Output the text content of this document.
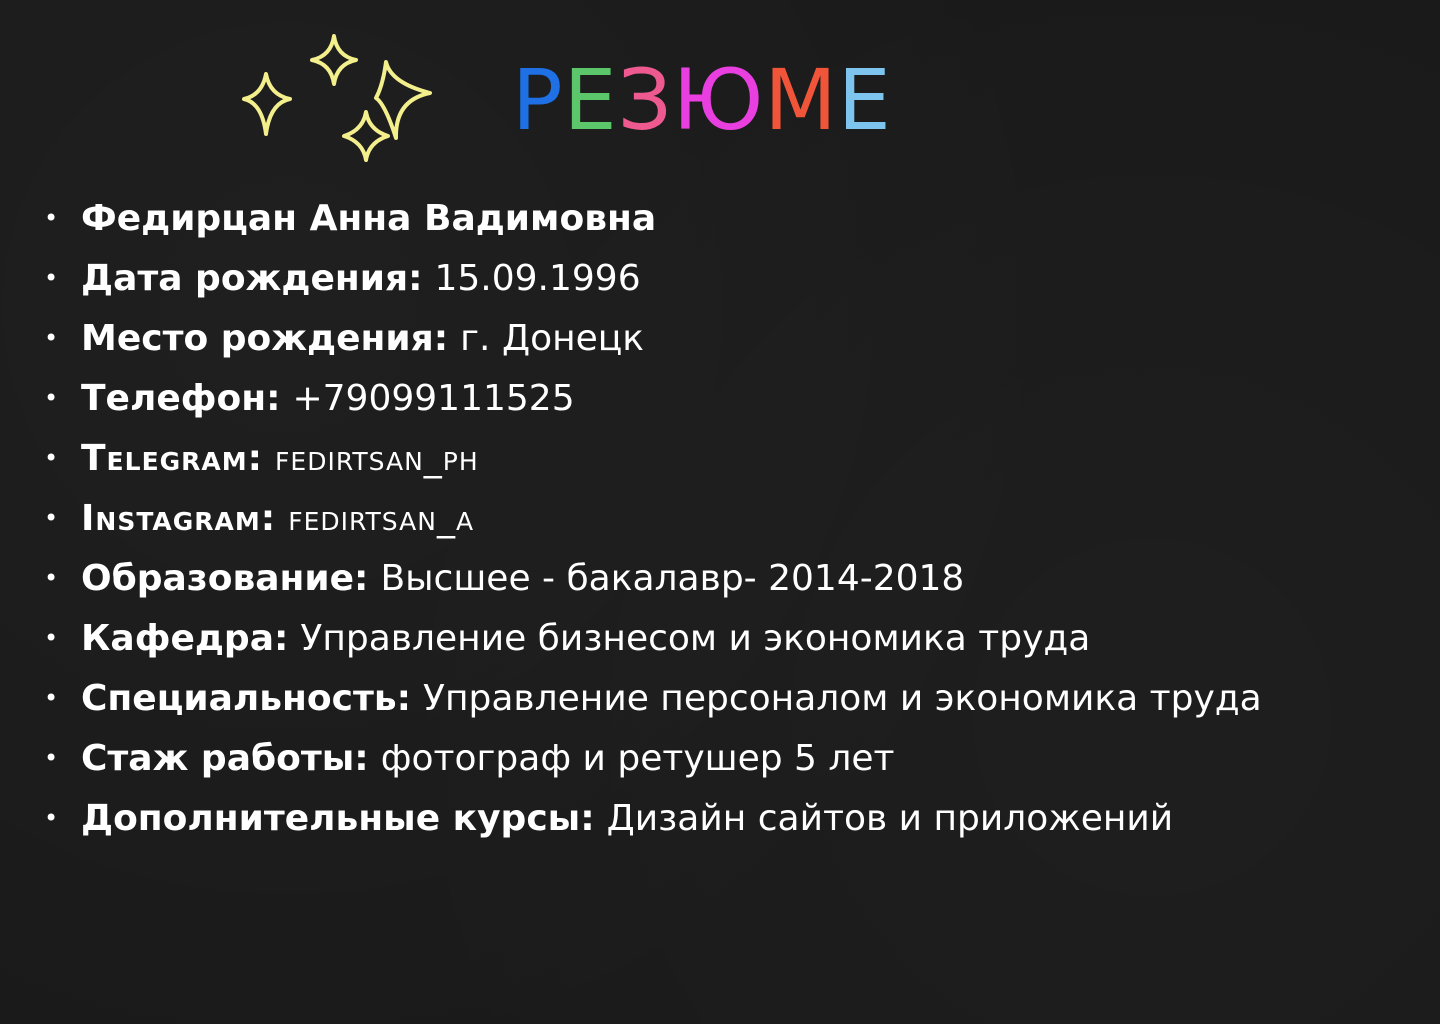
РЕЗЮМЕ
• Федирцан Анна Вадимовна
• Дата рождения: 15.09.1996
• Место рождения: г. Донецк
• Телефон: +79099111525
• Telegram: fedirtsan_ph
• Instagram: fedirtsan_a
• Образование: Высшее - бакалавр- 2014-2018
• Кафедра: Управление бизнесом и экономика труда
• Специальность: Управление персоналом и экономика труда
• Стаж работы: фотограф и ретушер 5 лет
• Дополнительные курсы: Дизайн сайтов и приложений
